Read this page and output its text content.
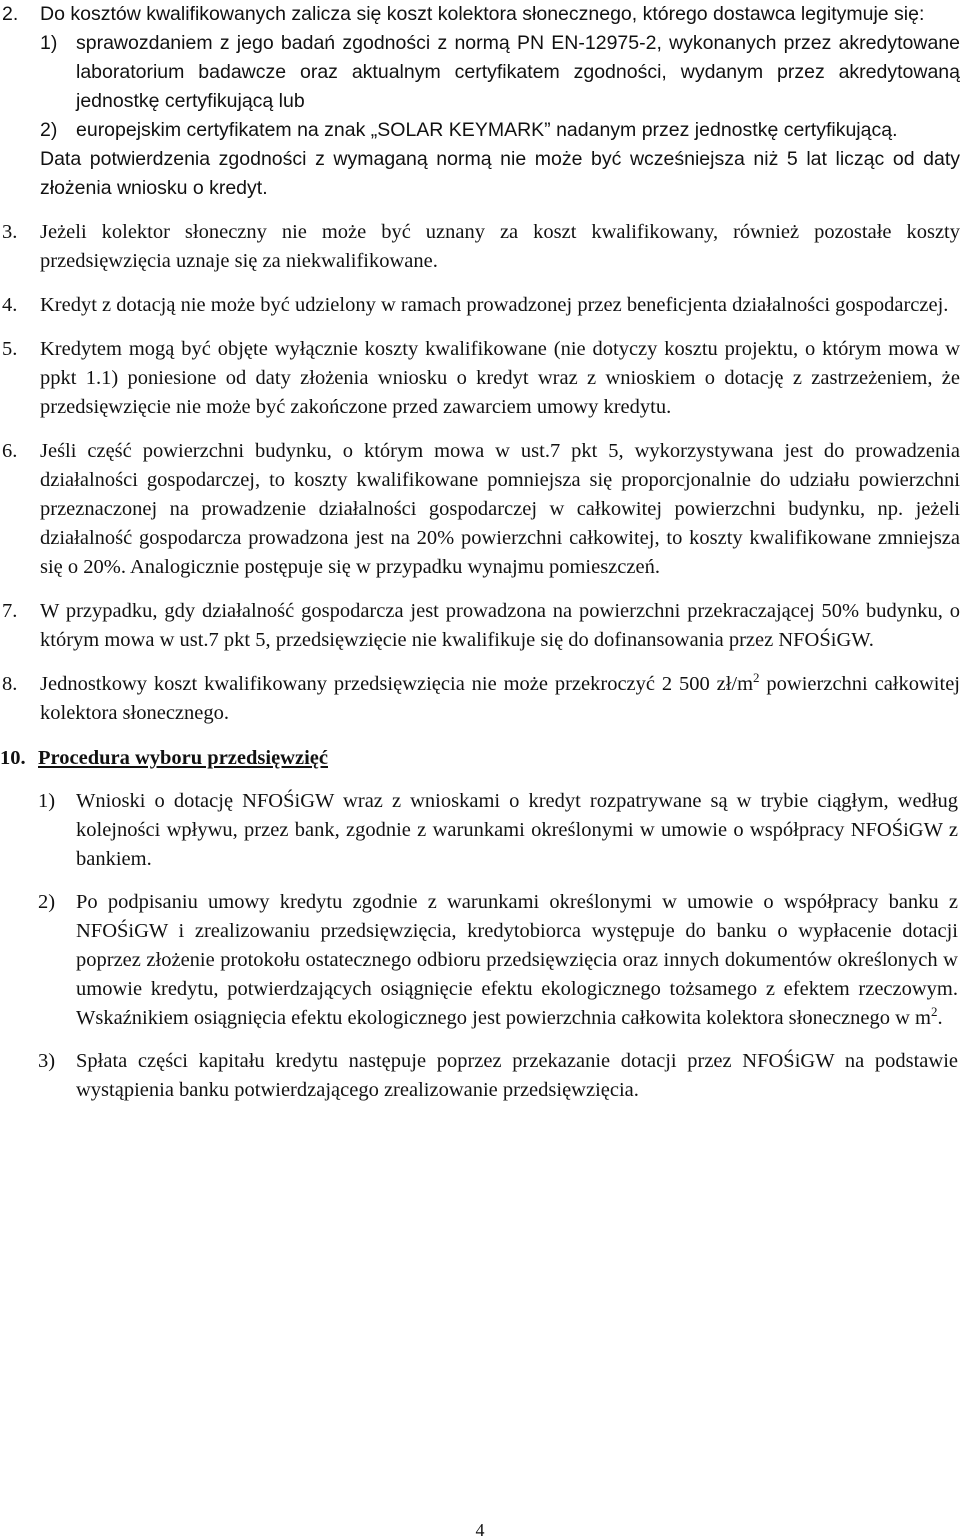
2.	Do kosztów kwalifikowanych zalicza się koszt kolektora słonecznego, którego dostawca legitymuje się:

1) sprawozdaniem z jego badań zgodności z normą PN EN-12975-2, wykonanych przez akredytowane laboratorium badawcze oraz aktualnym certyfikatem zgodności, wydanym przez akredytowaną jednostkę certyfikującą lub
2) europejskim certyfikatem na znak „SOLAR KEYMARK” nadanym przez jednostkę certyfikującą.

Data potwierdzenia zgodności z wymaganą normą nie może być wcześniejsza niż 5 lat licząc od daty złożenia wniosku o kredyt.

3.	Jeżeli kolektor słoneczny nie może być uznany za koszt kwalifikowany, również pozostałe koszty przedsięwzięcia uznaje się za niekwalifikowane.
4.	Kredyt z dotacją nie może być udzielony w ramach prowadzonej przez beneficjenta działalności gospodarczej.
5.	Kredytem mogą być objęte wyłącznie koszty kwalifikowane (nie dotyczy kosztu projektu, o którym mowa w ppkt 1.1) poniesione od daty złożenia wniosku o kredyt wraz z wnioskiem o dotację z zastrzeżeniem, że przedsięwzięcie nie może być zakończone przed zawarciem umowy kredytu.
6.	Jeśli część powierzchni budynku, o którym mowa w ust.7 pkt 5, wykorzystywana jest do prowadzenia działalności gospodarczej, to koszty kwalifikowane pomniejsza się proporcjonalnie do udziału powierzchni przeznaczonej na prowadzenie działalności gospodarczej w całkowitej powierzchni budynku, np. jeżeli działalność gospodarcza prowadzona jest na 20% powierzchni całkowitej, to koszty kwalifikowane zmniejsza się o 20%. Analogicznie postępuje się w przypadku wynajmu pomieszczeń.
7.	W przypadku, gdy działalność gospodarcza jest prowadzona na powierzchni przekraczającej 50% budynku, o którym mowa w ust.7 pkt 5, przedsięwzięcie nie kwalifikuje się do dofinansowania przez NFOŚiGW.
8.	Jednostkowy koszt kwalifikowany przedsięwzięcia nie może przekroczyć 2 500 $zł/m^2$ powierzchni całkowitej kolektora słonecznego.
10. Procedura wyboru przedsięwzięć
1)	Wnioski o dotację NFOŚiGW wraz z wnioskami o kredyt rozpatrywane są w trybie ciągłym, według kolejności wpływu, przez bank, zgodnie z warunkami określonymi w umowie o współpracy NFOŚiGW z bankiem.
2)	Po podpisaniu umowy kredytu zgodnie z warunkami określonymi w umowie o współpracy banku z NFOŚiGW i zrealizowaniu przedsięwzięcia, kredytobiorca występuje do banku o wypłacenie dotacji poprzez złożenie protokołu ostatecznego odbioru przedsięwzięcia oraz innych dokumentów określonych w umowie kredytu, potwierdzających osiągnięcie efektu ekologicznego tożsamego z efektem rzeczowym. Wskaźnikiem osiągnięcia efektu ekologicznego jest powierzchnia całkowita kolektora słonecznego w $m^2$.
3)	Spłata części kapitału kredytu następuje poprzez przekazanie dotacji przez NFOŚiGW na podstawie wystąpienia banku potwierdzającego zrealizowanie przedsięwzięcia.
4
